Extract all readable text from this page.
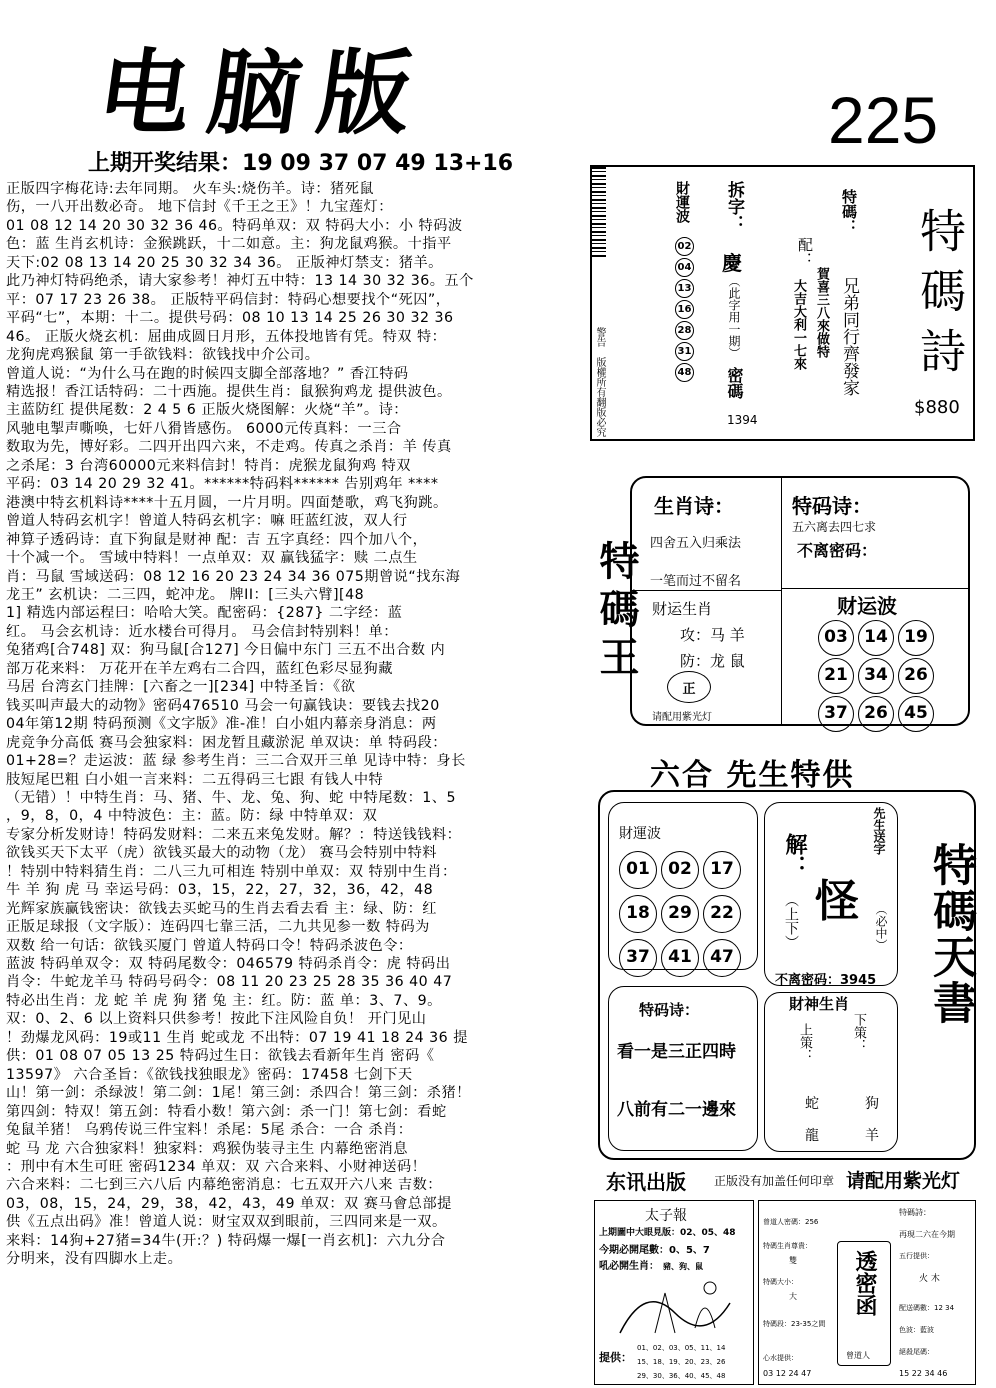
电脑版	225
上期开奖结果：19 09 37 07 49 13+16

正版四字梅花诗:去年同期。 火车头:烧伤羊。诗：猪死鼠

伤，一八开出数必奇。 地下信封《千王之王》！九宝莲灯：

01 08 12 14 20 30 32 36 46。特码单双：双 特码大小：小 特码波

色：蓝 生肖玄机诗：金猴跳跃，十二如意。主：狗龙鼠鸡猴。十指平

天下:02 08 13 14 20 25 30 32 34 36。 正版神灯禁支：猪羊。

此乃神灯特码绝杀，请大家参考！神灯五中特：13 14 30 32 36。五个

平：07 17 23 26 38。 正版特平码信封：特码心想要找个“死囚”，

平码“七”，本期：十二。提供号码：08 10 13 14 25 26 30 32 36

46。 正版火烧玄机：屈曲成圆日月形，五体投地皆有凭。特双 特：

龙狗虎鸡猴鼠 第一手欲钱料：欲钱找中介公司。

曾道人说：“为什么马在跑的时候四支脚全部落地？” 香江特码

精选报！香江话特码：二十西施。提供生肖：鼠猴狗鸡龙 提供波色。

主蓝防红 提供尾数：2 4 5 6 正版火烧图解：火烧“羊”。诗：

风驰电掣声嘶唤，七奸八猾皆感伤。 6000元传真料：一三合

数取为先，博好彩。二四开出四六来，不走鸡。传真之杀肖：羊 传真

之杀尾：3 台湾60000元来料信封！特肖：虎猴龙鼠狗鸡 特双

平码：03 14 20 29 32 41。******特码料****** 告别鸡年 ****

港澳中特玄机料诗****十五月圆，一片月明。四面楚歌，鸡飞狗跳。

曾道人特码玄机字！曾道人特码玄机字：嘛 旺蓝红波，双人行

神算子透码诗：直下狗鼠是财神 配：吉 五字真经：四个加八个，

十个减一个。 雪域中特料！一点单双：双 赢钱猛字：赎 二点生

肖：马鼠 雪域送码：08 12 16 20 23 24 34 36 075期曾说“找东海

龙王” 玄机诀：二三四，蛇冲龙。 牌II：[三头六臂][48

1] 精选内部运程曰：哈哈大笑。配密码：{287} 二字经：蓝

红。 马会玄机诗：近水楼台可得月。 马会信封特别料！单：

兔猪鸡[合748] 双：狗马鼠[合127] 今日偏中东门 三五不出合数 内

部万花来料： 万花开在羊左鸡右二合四，蓝红色彩尽显狗藏

马居 台湾玄门挂牌：[六畜之一][234] 中特圣旨：《欲

钱买叫声最大的动物》密码476510 马会一句赢钱诀：要钱去找20

04年第12期 特码预测《文字版》准-准！白小姐内幕亲身消息：两

虎竞争分高低 赛马会独家料：困龙暂且藏淤泥 单双诀：单 特码段：

01+28=？走运波：蓝 绿 参考生肖：三二合双开三单 见诗中特：身长

肢短尾巴粗 白小姐一言来料：二五得码三七跟 有钱人中特

（无错）！中特生肖：马、猪、牛、龙、兔、狗、蛇 中特尾数：1、5

，9，8，0，4 中特波色：主：蓝。防：绿 中特单双：双

专家分析发财诗！特码发财料：二来五来兔发财。解？：特送钱钱料：

欲钱买天下太平（虎）欲钱买最大的动物（龙） 赛马会特别中特料

！特别中特料猜生肖：二八三九可相连 特别中单双：双 特别中生肖：

牛 羊 狗 虎 马 幸运号码：03，15，22，27，32，36，42，48

光辉家族赢钱密诀：欲钱去买蛇马的生肖去看去看 主：绿、防：红

正版足球报（文字版）：连码四七靠三活，二九共见参一数 特码为

双数 给一句话：欲钱买厦门 曾道人特码口令！特码杀波色令：

蓝波 特码单双令：双 特码尾数令：046579 特码杀肖令：虎 特码出

肖令：牛蛇龙羊马 特码号码令：08 11 20 23 25 28 35 36 40 47

特必出生肖：龙 蛇 羊 虎 狗 猪 兔 主：红。防：蓝 单：3、7、9。

双：0、2、6 以上资料只供参考！按此下注风险自负！ 开门见山

！劲爆龙风码：19或11 生肖 蛇或龙 不出特：07 19 41 18 24 36 提

供：01 08 07 05 13 25 特码过生日：欲钱去看新年生肖 密码《

13597》 六合圣旨：《欲钱找独眼龙》密码：17458 七剑下天

山！第一剑：杀绿波！第二剑：1尾！第三剑：杀四合！第三剑：杀猪！

第四剑：特双！第五剑：特看小数！第六剑：杀一门！第七剑：看蛇

兔鼠羊猪！ 乌鸦传说三件宝料！杀尾：5尾 杀合：一合 杀肖：

蛇 马 龙 六合独家料！独家料：鸡猴伪装寻主生 内幕绝密消息

：刑中有木生可旺 密码1234 单双：双 六合来料、小财神送码！

六合来料：二七到三六八后 内幕绝密消息：七五双开六八来 吉数：

03，08，15，24，29，38，42，43，49 单双：双 赛马會总部提

供《五点出码》准！曾道人说：财宝双双到眼前，三四同来是一双。

来料：14狗+27猪=34牛(开:？) 特码爆一爆[一肖玄机]：六九分合

分明来，没有四脚水上走。

警告
版權所有翻版必究
財運波
02
04
13
16
28
31
48
拆字：
慶
（此字用一期）
密碼
1394
特碼：
配：
兄弟同行齊發家
賀喜三八來做特
大吉大利一七來 特碼詩
$880
特碼王
生肖诗：
四舍五入归乘法
一笔而过不留名
财运生肖
攻：马 羊
防：龙 鼠
正
请配用紫光灯
特码诗：
五六离去四七求
不离密码：
财运波
03 14 19
21 34 26
37 26 45
六合 先生特供
財運波
01	02	17
18	29	22
37	41	47
解：
（上下） 怪
先生送字
（必中）
不离密码：3945
特码诗：
看一是三正四時
八前有二一邊來
財神生肖
上策：	下策：
蛇
龍
狗
羊
特碼天書
东讯出版 正版没有加盖任何印章 请配用紫光灯
太子報
上期圖中大眼見版：02、05、48
今期必開尾數：0、5、7
吼必開生肖： 豬、狗、鼠
提供：
01、02、03、05、11、14
15、18、19、20、23、26
29、30、36、40、45、48
曾道人密碼：256
特碼生肖尊貴：
雙
特碼大小：
大
特碼段：23-35之間
心水提供：
03 12 24 47
透密函
曾道人
特碼詩：
再現二六在今期
五行提供：
火 木
配送碼數：12 34
色波：藍波
絕殺尾碼：
15 22 34 46
